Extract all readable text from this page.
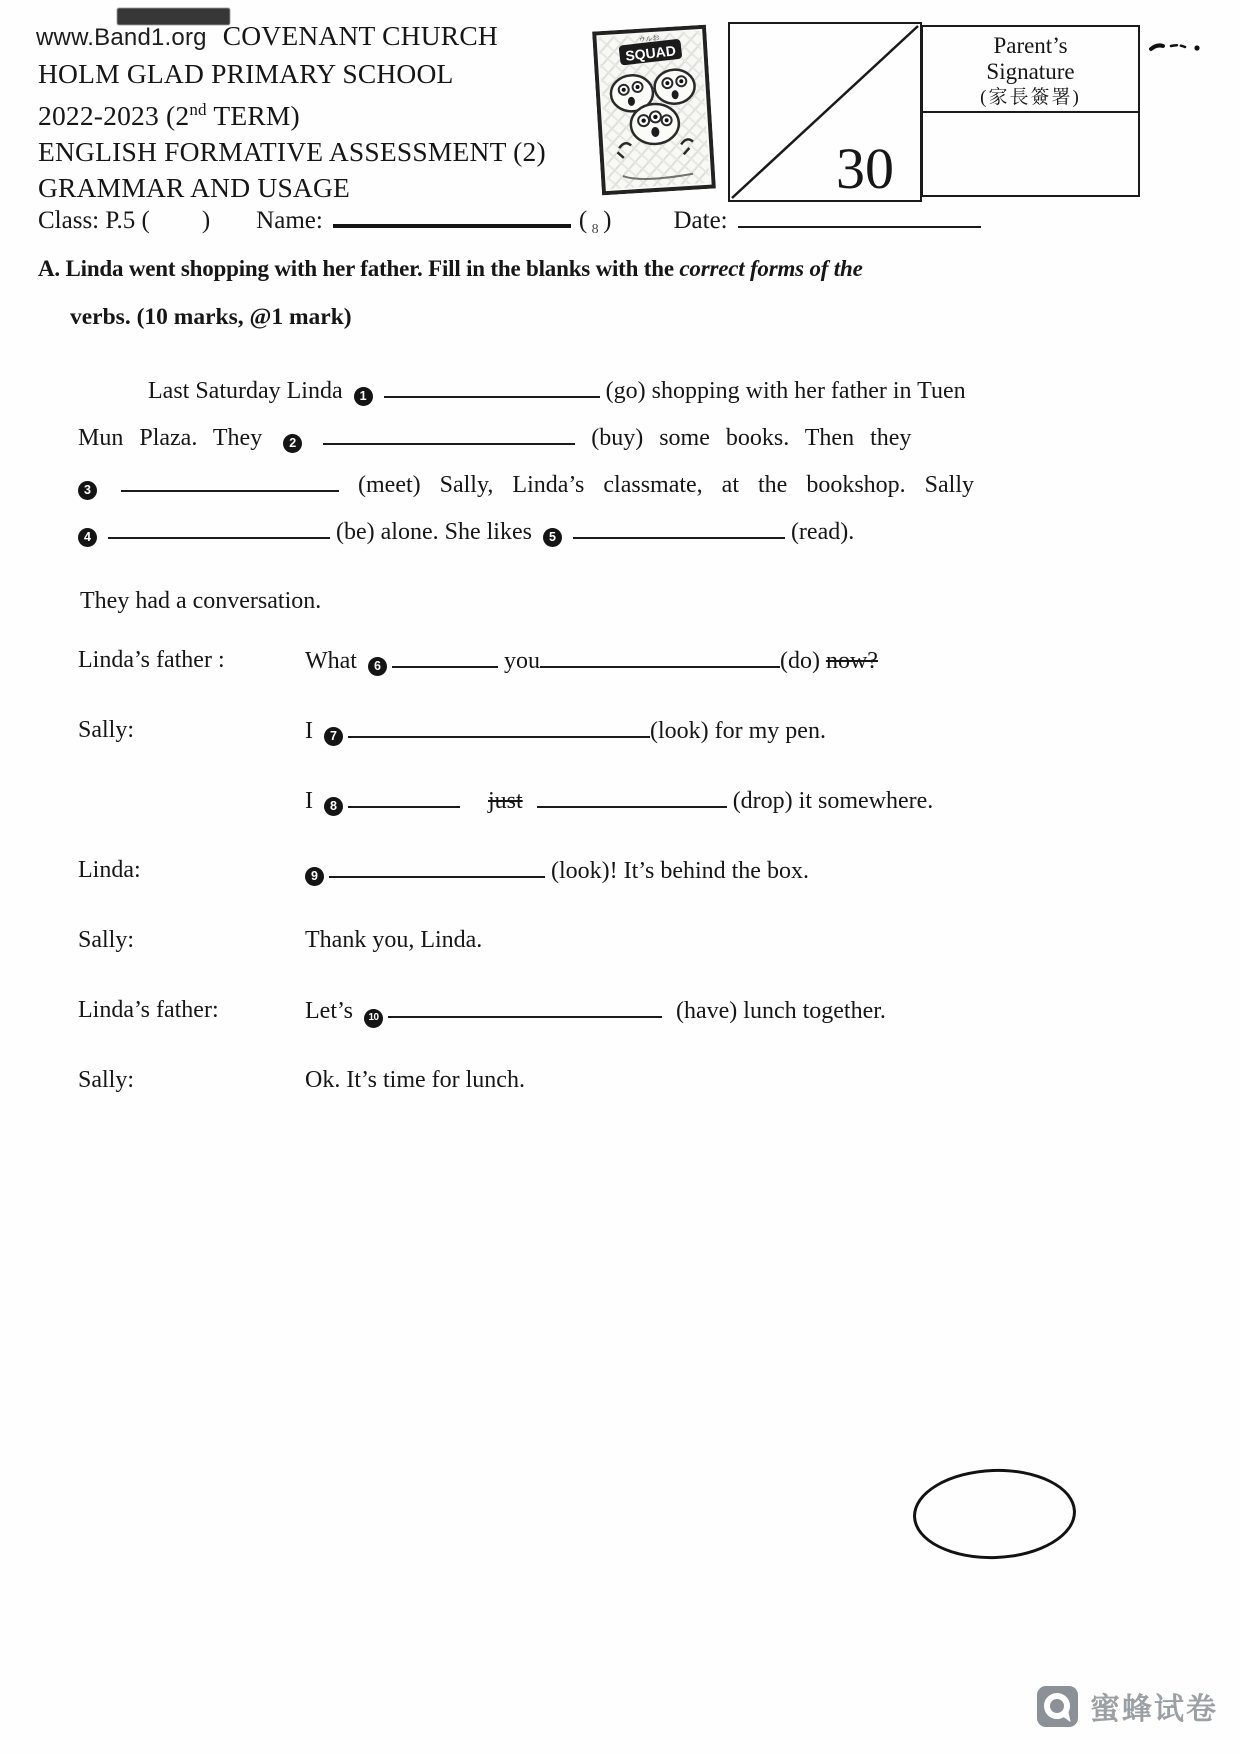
www.Band1.org COVENANT CHURCH
HOLM GLAD PRIMARY SCHOOL
2022-2023 (2nd TERM)
ENGLISH FORMATIVE ASSESSMENT (2)
GRAMMAR AND USAGE
SQUAD
ウルお
30
Parent’s
Signature
(家長簽署)
Class: P.5 ( ) Name:	( 8 ) Date:
A. Linda went shopping with her father. Fill in the blanks with the correct forms of the
verbs. (10 marks, @1 mark)
Last Saturday Linda 1	(go) shopping with her father in Tuen
Mun Plaza. They 2	(buy) some books. Then they
3	(meet) Sally, Linda’s classmate, at the bookshop. Sally
4	(be) alone. She likes 5	(read).
They had a conversation.
Linda’s father :	What 6	you	(do) now?
Sally:	I 7	(look) for my pen.
I 8	just	(drop) it somewhere.
Linda:	9	(look)! It’s behind the box.
Sally:	Thank you, Linda.
Linda’s father:	Let’s 10	(have) lunch together.
Sally:	Ok. It’s time for lunch.
蜜蜂试卷
